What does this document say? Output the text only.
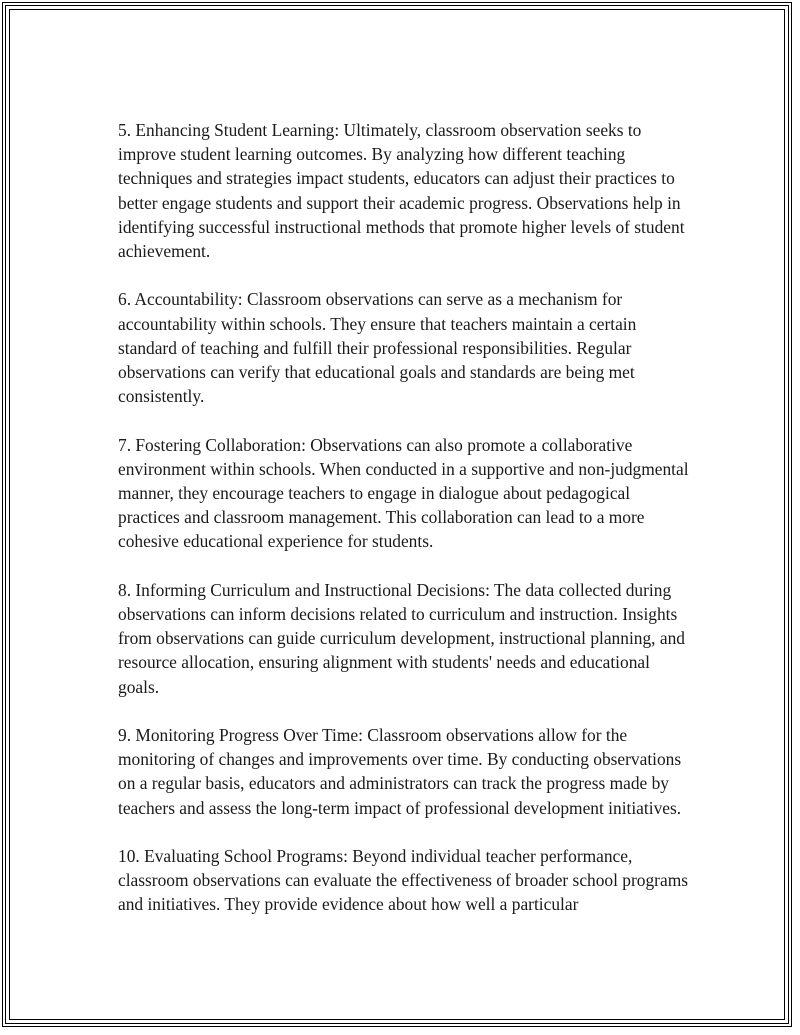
5. Enhancing Student Learning: Ultimately, classroom observation seeks to improve student learning outcomes. By analyzing how different teaching techniques and strategies impact students, educators can adjust their practices to better engage students and support their academic progress. Observations help in identifying successful instructional methods that promote higher levels of student achievement.

6. Accountability: Classroom observations can serve as a mechanism for accountability within schools. They ensure that teachers maintain a certain standard of teaching and fulfill their professional responsibilities. Regular observations can verify that educational goals and standards are being met consistently.

7. Fostering Collaboration: Observations can also promote a collaborative environment within schools. When conducted in a supportive and non-judgmental manner, they encourage teachers to engage in dialogue about pedagogical practices and classroom management. This collaboration can lead to a more cohesive educational experience for students.

8. Informing Curriculum and Instructional Decisions: The data collected during observations can inform decisions related to curriculum and instruction. Insights from observations can guide curriculum development, instructional planning, and resource allocation, ensuring alignment with students' needs and educational goals.

9. Monitoring Progress Over Time: Classroom observations allow for the monitoring of changes and improvements over time. By conducting observations on a regular basis, educators and administrators can track the progress made by teachers and assess the long-term impact of professional development initiatives.

10. Evaluating School Programs: Beyond individual teacher performance, classroom observations can evaluate the effectiveness of broader school programs and initiatives. They provide evidence about how well a particular
